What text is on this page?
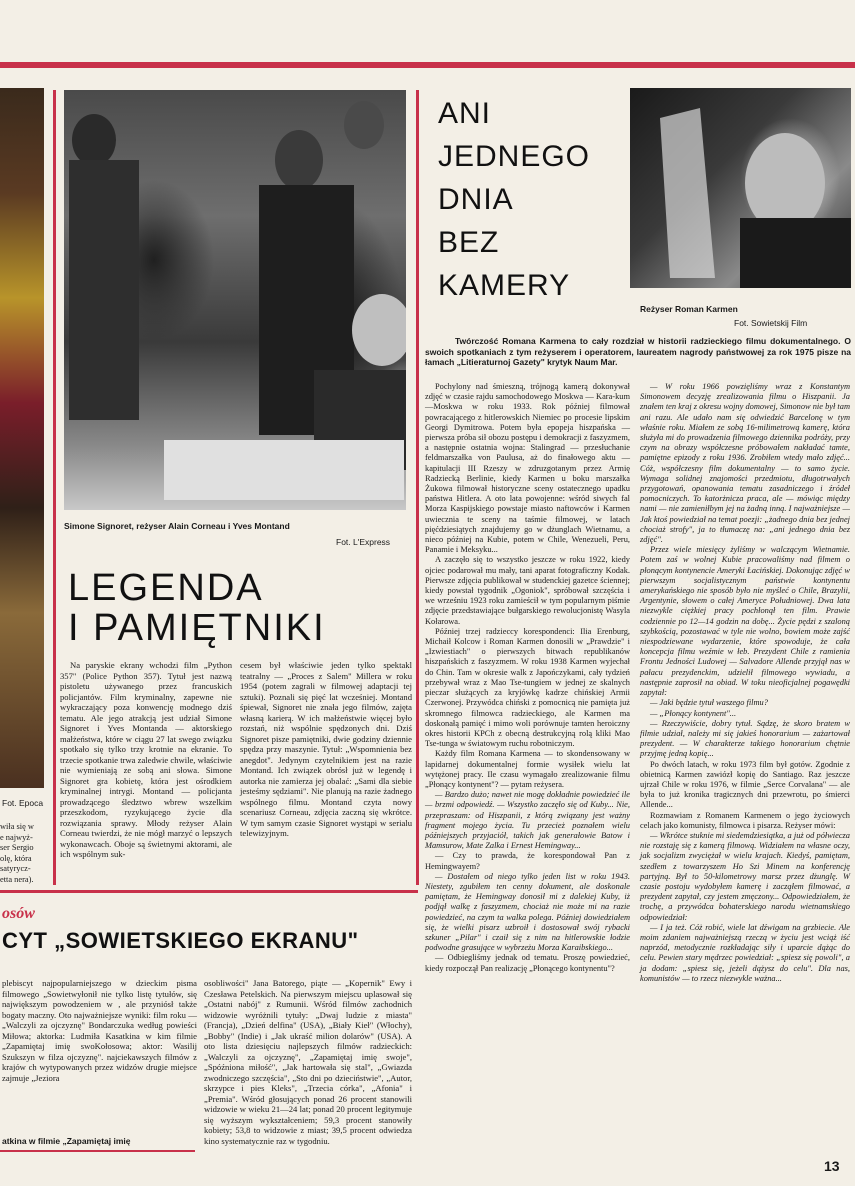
Fot. Epoca
wiła się w
e najwyż-
ser Sergio
olę, która
satyrycz-
etta nera).
Simone Signoret, reżyser Alain Corneau i Yves Montand
Fot. L'Express
LEGENDA
I PAMIĘTNIKI

Na paryskie ekrany wchodzi film „Python 357" (Police Python 357). Tytuł jest nazwą pistoletu używanego przez francuskich policjantów. Film kryminalny, zapewne nie wykraczający poza konwencję modnego dziś tematu. Ale jego atrakcją jest udział Simone Signoret i Yves Montanda — aktorskiego małżeństwa, które w ciągu 27 lat swego związku spotkało się tylko trzy krotnie na ekranie. To trzecie spotkanie trwa zaledwie chwile, właściwie nie wymieniają ze sobą ani słowa. Simone Signoret gra kobietę, która jest ośrodkiem kryminalnej intrygi. Montand — policjanta prowadzącego śledztwo wbrew wszelkim przeszkodom, ryzykującego życie dla rozwiązania sprawy. Młody reżyser Alain Corneau twierdzi, że nie mógł marzyć o lepszych wykonawcach. Oboje są świetnymi aktorami, ale ich wspólnym suk-

cesem był właściwie jeden tylko spektakl teatralny — „Proces z Salem" Millera w roku 1954 (potem zagrali w filmowej adaptacji tej sztuki). Poznali się pięć lat wcześniej. Montand śpiewał, Signoret nie znała jego filmów, zajęta własną karierą. W ich małżeństwie więcej było rozstań, niż wspólnie spędzonych dni. Dziś Signoret pisze pamiętniki, dwie godziny dziennie spędza przy maszynie. Tytuł: „Wspomnienia bez anegdot". Jedynym czytelnikiem jest na razie Montand. Ich związek obrósł już w legendę i autorka nie zamierza jej obalać: „Sami dla siebie jesteśmy sędziami". Nie planują na razie żadnego wspólnego filmu. Montand czyta nowy scenariusz Corneau, zdjęcia zaczną się wkrótce. W tym samym czasie Signoret wystąpi w serialu telewizyjnym.

osów
CYT „SOWIETSKIEGO EKRANU"

plebiscyt najpopularniejszego w dzieckim pisma filmowego „Sowietwyłonił nie tylko listę tytułów, się największym powodzeniem w , ale przyniósł także bogaty maczny. Oto najważniejsze wyniki: film roku — „Walczyli za ojczyznę" Bondarczuka według powieści Miłowa; aktorka: Ludmiła Kasatkina w kim filmie „Zapamiętaj imię swoKołosowa; aktor: Wasilij Szukszyn w filza ojczyznę". najciekawszych filmów z krajów ch wytypowanych przez widzów drugie miejsce zajmuje „Jeziora

osobliwości" Jana Batorego, piąte — „Kopernik" Ewy i Czesława Petelskich. Na pierwszym miejscu uplasował się „Ostatni nabój" z Rumunii. Wśród filmów zachodnich widzowie wyróżnili tytuły: „Dwaj ludzie z miasta" (Francja), „Dzień delfina" (USA), „Biały Kieł" (Włochy), „Bobby" (Indie) i „Jak ukraść milion dolarów" (USA). A oto lista dziesięciu najlepszych filmów radzieckich: „Walczyli za ojczyznę", „Zapamiętaj imię swoje", „Spóźniona miłość", „Jak hartowała się stal", „Gwiazda zwodniczego szczęścia", „Sto dni po dzieciństwie", „Autor, skrzypce i pies Kleks", „Trzecia córka", „Afonia" i „Premia". Wśród głosujących ponad 26 procent stanowili widzowie w wieku 21—24 lat; ponad 20 procent legitymuje się wyższym wykształceniem; 59,3 procent stanowiły kobiety; 53,8 to widzowie z miast; 39,5 procent odwiedza kino systematycznie raz w tygodniu.

atkina w filmie „Zapamiętaj imię
ANI
JEDNEGO
DNIA
BEZ
KAMERY
Reżyser Roman Karmen
Fot. Sowietskij Film
Twórczość Romana Karmena to cały rozdział w historii radzieckiego filmu dokumentalnego. O swoich spotkaniach z tym reżyserem i operatorem, laureatem nagrody państwowej za rok 1975 pisze na łamach „Litieraturnoj Gazety" krytyk Naum Mar.

Pochylony nad śmieszną, trójnogą kamerą dokonywał zdjęć w czasie rajdu samochodowego Moskwa — Kara-kum—Moskwa w roku 1933. Rok później filmował powracającego z hitlerowskich Niemiec po procesie lipskim Georgi Dymitrowa. Potem była epopeja hiszpańska — pierwsza próba sił obozu postępu i demokracji z faszyzmem, a następnie ostatnia wojna: Stalingrad — przesłuchanie feldmarszałka von Paulusa, aż do finałowego aktu — kapitulacji III Rzeszy w zdruzgotanym przez Armię Radziecką Berlinie, kiedy Karmen u boku marszałka Żukowa filmował historyczne sceny ostatecznego upadku państwa Hitlera. A oto lata powojenne: wśród siwych fal Morza Kaspijskiego powstaje miasto naftowców i Karmen uwiecznia te sceny na taśmie filmowej, w latach pięćdziesiątych znajdujemy go w dżunglach Wietnamu, a nieco później na Kubie, potem w Chile, Wenezueli, Peru, Panamie i Meksyku...

A zaczęło się to wszystko jeszcze w roku 1922, kiedy ojciec podarował mu mały, tani aparat fotograficzny Kodak. Pierwsze zdjęcia publikował w studenckiej gazetce ściennej; kiedy powstał tygodnik „Ogoniok", spróbował szczęścia i we wrześniu 1923 roku zamieścił w tym popularnym piśmie zdjęcie przedstawiające bułgarskiego rewolucjonistę Wasyla Kołarowa.

Później trzej radzieccy korespondenci: Ilia Erenburg, Michaił Kolcow i Roman Karmen donosili w „Prawdzie" i „Izwiestiach" o pierwszych bitwach republikanów hiszpańskich z faszyzmem. W roku 1938 Karmen wyjechał do Chin. Tam w okresie walk z Japończykami, cały tydzień przebywał wraz z Mao Tse-tungiem w jednej ze skalnych pieczar służących za kryjówkę kadrze chińskiej Armii Czerwonej. Przywódca chiński z pomocnicą nie pamięta już skromnego filmowca radzieckiego, ale Karmen ma doskonałą pamięć i mimo woli porównuje tamten heroiczny okres historii KPCh z obecną destrukcyjną rolą kliki Mao Tse-tunga w światowym ruchu robotniczym.

Każdy film Romana Karmena — to skondensowany w lapidarnej dokumentalnej formie wysiłek wielu lat wytężonej pracy. Ile czasu wymagało zrealizowanie filmu „Płonący kontynent"? — pytam reżysera.

— Bardzo dużo; nawet nie mogę dokładnie powiedzieć ile — brzmi odpowiedź. — Wszystko zaczęło się od Kuby... Nie, przepraszam: od Hiszpanii, z którą związany jest ważny fragment mojego życia. Tu przecież poznałem wielu późniejszych przyjaciół, takich jak generałowie Batow i Mamsurow, Mate Zalka i Ernest Hemingway...

— Czy to prawda, że korespondował Pan z Hemingwayem?

— Dostałem od niego tylko jeden list w roku 1943. Niestety, zgubiłem ten cenny dokument, ale doskonale pamiętam, że Hemingway donosił mi z dalekiej Kuby, iż podjął walkę z faszyzmem, chociaż nie może mi na razie powiedzieć, na czym ta walka polega. Później dowiedziałem się, że wielki pisarz uzbroił i dostosował swój rybacki szkuner „Pilar" i czaił się z nim na hitlerowskie łodzie podwodne grasujące w wybrzeżu Morza Karaibskiego...

— Odbiegliśmy jednak od tematu. Proszę powiedzieć, kiedy rozpoczął Pan realizację „Płonącego kontynentu"?

— W roku 1966 powzięliśmy wraz z Konstantym Simonowem decyzję zrealizowania filmu o Hiszpanii. Ja znałem ten kraj z okresu wojny domowej, Simonow nie był tam ani razu. Ale udało nam się odwiedzić Barcelonę w tym właśnie roku. Miałem ze sobą 16-milimetrową kamerę, która służyła mi do prowadzenia filmowego dziennika podróży, przy czym na obrazy współczesne próbowałem nakładać tamte, pamiętne epizody z roku 1936. Zrobiłem wtedy mało zdjęć... Cóż, współczesny film dokumentalny — to samo życie. Wymaga solidnej znajomości przedmiotu, długotrwałych przygotowań, opanowania tematu zasadniczego i źródeł pomocniczych. To katorżnicza praca, ale — mówiąc między nami — nie zamieniłbym jej na żadną inną. I najważniejsze — Jak ktoś powiedział na temat poezji: „żadnego dnia bez jednej chociaż strofy", ja to tłumaczę na: „ani jednego dnia bez zdjęć".

Przez wiele miesięcy żyliśmy w walczącym Wietnamie. Potem zaś w wolnej Kubie pracowaliśmy nad filmem o płonącym kontynencie Ameryki Łacińskiej. Dokonując zdjęć w pierwszym socjalistycznym państwie kontynentu amerykańskiego nie sposób było nie myśleć o Chile, Brazylii, Argentynie, słowem o całej Ameryce Południowej. Dwa lata niezwykle ciężkiej pracy pochłonął ten film. Prawie codziennie po 12—14 godzin na dobę... Życie pędzi z szaloną szybkością, pozostawać w tyle nie wolno, bowiem może zajść niespodziewane wydarzenie, które spowoduje, że cała koncepcja filmu weźmie w łeb. Prezydent Chile z ramienia Frontu Jedności Ludowej — Salvadore Allende przyjął nas w pałacu prezydenckim, udzielił filmowego wywiadu, a następnie zaprosił na obiad. W toku nieoficjalnej pogawędki zapytał:

— Jaki będzie tytuł waszego filmu?

— „Płonący kontynent"...

— Rzeczywiście, dobry tytuł. Sądzę, że skoro bratem w filmie udział, należy mi się jakieś honorarium — zażartował prezydent. — W charakterze takiego honorarium chętnie przyjmę jedną kopię...

Po dwóch latach, w roku 1973 film był gotów. Zgodnie z obietnicą Karmen zawiózł kopię do Santiago. Raz jeszcze ujrzał Chile w roku 1976, w filmie „Serce Corvalana" — ale była to już kronika tragicznych dni przewrotu, po śmierci Allende...

Rozmawiam z Romanem Karmenem o jego życiowych celach jako komunisty, filmowca i pisarza. Reżyser mówi:

— Wkrótce stuknie mi siedemdziesiątka, a już od półwieczа nie rozstaję się z kamerą filmową. Widziałem na własne oczy, jak socjalizm zwyciężał w wielu krajach. Kiedyś, pamiętam, szedłem z towarzyszem Ho Szi Minem na konferencję partyjną. Był to 50-kilometrowy marsz przez dżunglę. W czasie postoju wydobyłem kamerę i zacząłem filmować, a prezydent zapytał, czy jestem zmęczony... Odpowiedziałem, że trochę, a przywódca bohaterskiego narodu wietnamskiego odpowiedział:

— I ja też. Cóż robić, wiele lat dźwigam na grzbiecie. Ale moim zdaniem najważniejszą rzeczą w życiu jest wciąż iść naprzód, metodycznie rozkładając siły i uparcie dążąc do celu. Pewien stary mędrzec powiedział: „spiesz się powoli", a ja dodam: „spiesz się, jeżeli dążysz do celu". Dla nas, komunistów — to rzecz niezwykle ważna...

13
